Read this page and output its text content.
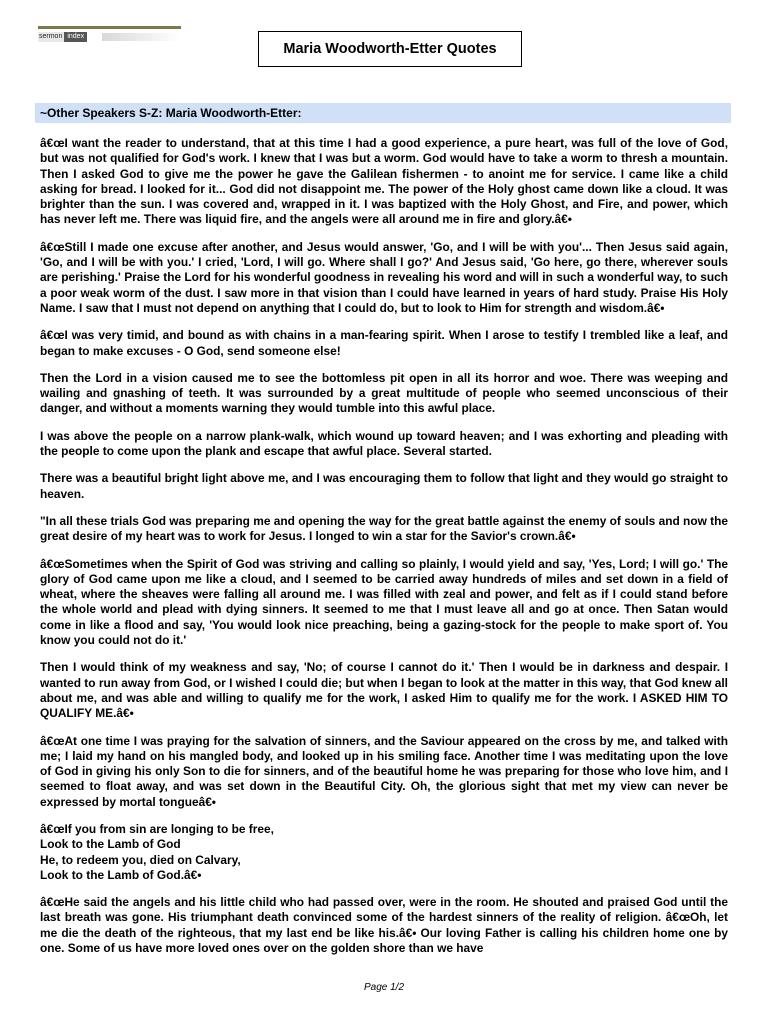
sermon index
Maria Woodworth-Etter Quotes
~Other Speakers S-Z: Maria Woodworth-Etter:

â€œI want the reader to understand, that at this time I had a good experience, a pure heart, was full of the love of God, but was not qualified for God's work. I knew that I was but a worm. God would have to take a worm to thresh a mountain. Then I asked God to give me the power he gave the Galilean fishermen - to anoint me for service. I came like a child asking for bread. I looked for it... God did not disappoint me. The power of the Holy ghost came down like a cloud. It was brighter than the sun. I was covered and, wrapped in it. I was baptized with the Holy Ghost, and Fire, and power, which has never left me. There was liquid fire, and the angels were all around me in fire and glory.â€•

â€œStill I made one excuse after another, and Jesus would answer, 'Go, and I will be with you'... Then Jesus said again, 'Go, and I will be with you.' I cried, 'Lord, I will go. Where shall I go?' And Jesus said, 'Go here, go there, wherever souls are perishing.' Praise the Lord for his wonderful goodness in revealing his word and will in such a wonderful way, to such a poor weak worm of the dust. I saw more in that vision than I could have learned in years of hard study. Praise His Holy Name. I saw that I must not depend on anything that I could do, but to look to Him for strength and wisdom.â€•

â€œI was very timid, and bound as with chains in a man-fearing spirit. When I arose to testify I trembled like a leaf, and began to make excuses - O God, send someone else!

Then the Lord in a vision caused me to see the bottomless pit open in all its horror and woe. There was weeping and wailing and gnashing of teeth. It was surrounded by a great multitude of people who seemed unconscious of their danger, and without a moments warning they would tumble into this awful place.

I was above the people on a narrow plank-walk, which wound up toward heaven; and I was exhorting and pleading with the people to come upon the plank and escape that awful place. Several started.

There was a beautiful bright light above me, and I was encouraging them to follow that light and they would go straight to heaven.

"In all these trials God was preparing me and opening the way for the great battle against the enemy of souls and now the great desire of my heart was to work for Jesus. I longed to win a star for the Savior's crown.â€•

â€œSometimes when the Spirit of God was striving and calling so plainly, I would yield and say, 'Yes, Lord; I will go.' The glory of God came upon me like a cloud, and I seemed to be carried away hundreds of miles and set down in a field of wheat, where the sheaves were falling all around me. I was filled with zeal and power, and felt as if I could stand before the whole world and plead with dying sinners. It seemed to me that I must leave all and go at once. Then Satan would come in like a flood and say, 'You would look nice preaching, being a gazing-stock for the people to make sport of. You know you could not do it.'

Then I would think of my weakness and say, 'No; of course I cannot do it.' Then I would be in darkness and despair. I wanted to run away from God, or I wished I could die; but when I began to look at the matter in this way, that God knew all about me, and was able and willing to qualify me for the work, I asked Him to qualify me for the work. I ASKED HIM TO QUALIFY ME.â€•

â€œAt one time I was praying for the salvation of sinners, and the Saviour appeared on the cross by me, and talked with me; I laid my hand on his mangled body, and looked up in his smiling face. Another time I was meditating upon the love of God in giving his only Son to die for sinners, and of the beautiful home he was preparing for those who love him, and I seemed to float away, and was set down in the Beautiful City. Oh, the glorious sight that met my view can never be expressed by mortal tongueâ€•

â€œIf you from sin are longing to be free,
Look to the Lamb of God
He, to redeem you, died on Calvary,
Look to the Lamb of God.â€•

â€œHe said the angels and his little child who had passed over, were in the room. He shouted and praised God until the last breath was gone. His triumphant death convinced some of the hardest sinners of the reality of religion. â€œOh, let me die the death of the righteous, that my last end be like his.â€• Our loving Father is calling his children home one by one. Some of us have more loved ones over on the golden shore than we have

Page 1/2
